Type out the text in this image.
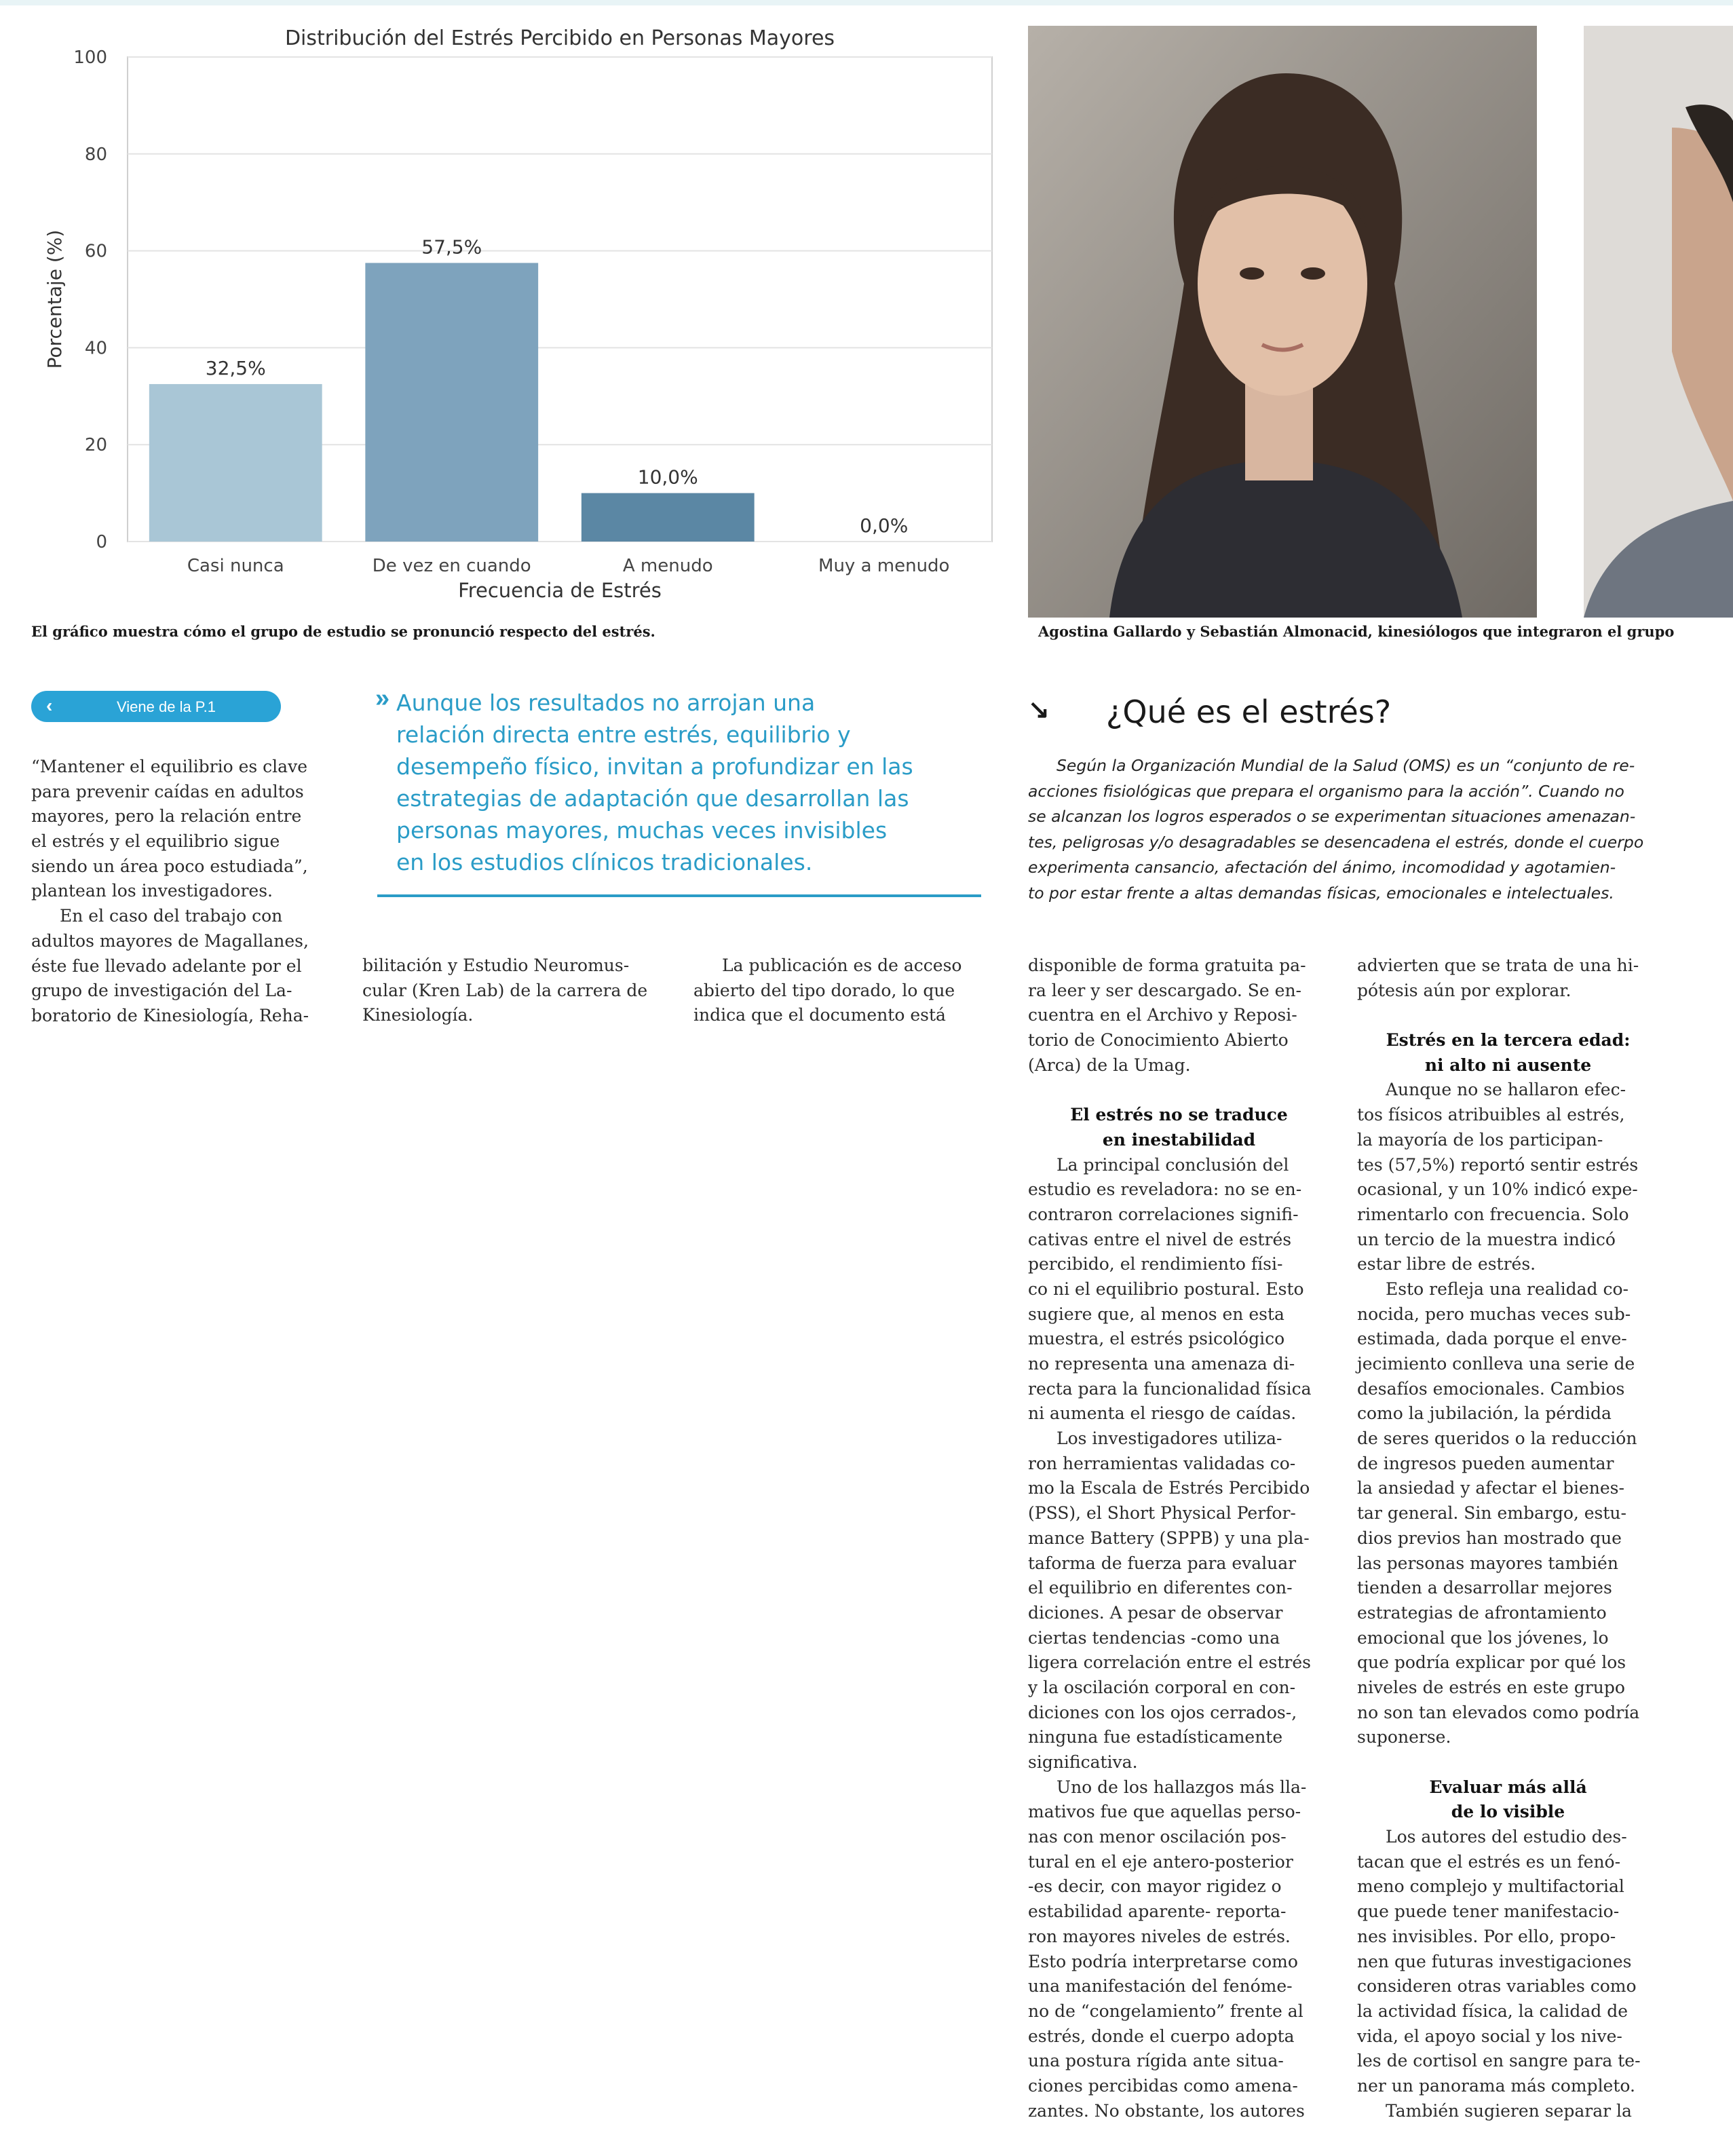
0
20
40
60
80
100
32,5%
Casi nunca
57,5%
De vez en cuando
10,0%
A menudo
0,0%
Muy a menudo
Distribución del Estrés Percibido en Personas Mayores
Frecuencia de Estrés
Porcentaje (%)
El gráfico muestra cómo el grupo de estudio se pronunció respecto del estrés.	Agostina Gallardo y Sebastián Almonacid, kinesiólogos que integraron el grupo
‹	Viene de la P.1	» Aunque los resultados no arrojan una
relación directa entre estrés, equilibrio y
desempeño físico, invitan a profundizar en las
estrategias de adaptación que desarrollan las
personas mayores, muchas veces invisibles
en los estudios clínicos tradicionales.
↘ ¿Qué es el estrés?
Según la Organización Mundial de la Salud (OMS) es un “conjunto de re-
acciones fisiológicas que prepara el organismo para la acción”. Cuando no
se alcanzan los logros esperados o se experimentan situaciones amenazan-
tes, peligrosas y/o desagradables se desencadena el estrés, donde el cuerpo
experimenta cansancio, afectación del ánimo, incomodidad y agotamien-
to por estar frente a altas demandas físicas, emocionales e intelectuales.
“Mantener el equilibrio es clave
para prevenir caídas en adultos
mayores, pero la relación entre
el estrés y el equilibrio sigue
siendo un área poco estudiada”,
plantean los investigadores.
En el caso del trabajo con
adultos mayores de Magallanes,
éste fue llevado adelante por el
grupo de investigación del La-
boratorio de Kinesiología, Reha-
bilitación y Estudio Neuromus-
cular (Kren Lab) de la carrera de
Kinesiología.
La publicación es de acceso
abierto del tipo dorado, lo que
indica que el documento está
disponible de forma gratuita pa-
ra leer y ser descargado. Se en-
cuentra en el Archivo y Reposi-
torio de Conocimiento Abierto
(Arca) de la Umag.
El estrés no se traduce
en inestabilidad
La principal conclusión del
estudio es reveladora: no se en-
contraron correlaciones signifi-
cativas entre el nivel de estrés
percibido, el rendimiento físi-
co ni el equilibrio postural. Esto
sugiere que, al menos en esta
muestra, el estrés psicológico
no representa una amenaza di-
recta para la funcionalidad física
ni aumenta el riesgo de caídas.
Los investigadores utiliza-
ron herramientas validadas co-
mo la Escala de Estrés Percibido
(PSS), el Short Physical Perfor-
mance Battery (SPPB) y una pla-
taforma de fuerza para evaluar
el equilibrio en diferentes con-
diciones. A pesar de observar
ciertas tendencias -como una
ligera correlación entre el estrés
y la oscilación corporal en con-
diciones con los ojos cerrados-,
ninguna fue estadísticamente
significativa.
Uno de los hallazgos más lla-
mativos fue que aquellas perso-
nas con menor oscilación pos-
tural en el eje antero-posterior
-es decir, con mayor rigidez o
estabilidad aparente- reporta-
ron mayores niveles de estrés.
Esto podría interpretarse como
una manifestación del fenóme-
no de “congelamiento” frente al
estrés, donde el cuerpo adopta
una postura rígida ante situa-
ciones percibidas como amena-
zantes. No obstante, los autores
advierten que se trata de una hi-
pótesis aún por explorar.
Estrés en la tercera edad:
ni alto ni ausente
Aunque no se hallaron efec-
tos físicos atribuibles al estrés,
la mayoría de los participan-
tes (57,5%) reportó sentir estrés
ocasional, y un 10% indicó expe-
rimentarlo con frecuencia. Solo
un tercio de la muestra indicó
estar libre de estrés.
Esto refleja una realidad co-
nocida, pero muchas veces sub-
estimada, dada porque el enve-
jecimiento conlleva una serie de
desafíos emocionales. Cambios
como la jubilación, la pérdida
de seres queridos o la reducción
de ingresos pueden aumentar
la ansiedad y afectar el bienes-
tar general. Sin embargo, estu-
dios previos han mostrado que
las personas mayores también
tienden a desarrollar mejores
estrategias de afrontamiento
emocional que los jóvenes, lo
que podría explicar por qué los
niveles de estrés en este grupo
no son tan elevados como podría
suponerse.
Evaluar más allá
de lo visible
Los autores del estudio des-
tacan que el estrés es un fenó-
meno complejo y multifactorial
que puede tener manifestacio-
nes invisibles. Por ello, propo-
nen que futuras investigaciones
consideren otras variables como
la actividad física, la calidad de
vida, el apoyo social y los nive-
les de cortisol en sangre para te-
ner un panorama más completo.
También sugieren separar la
